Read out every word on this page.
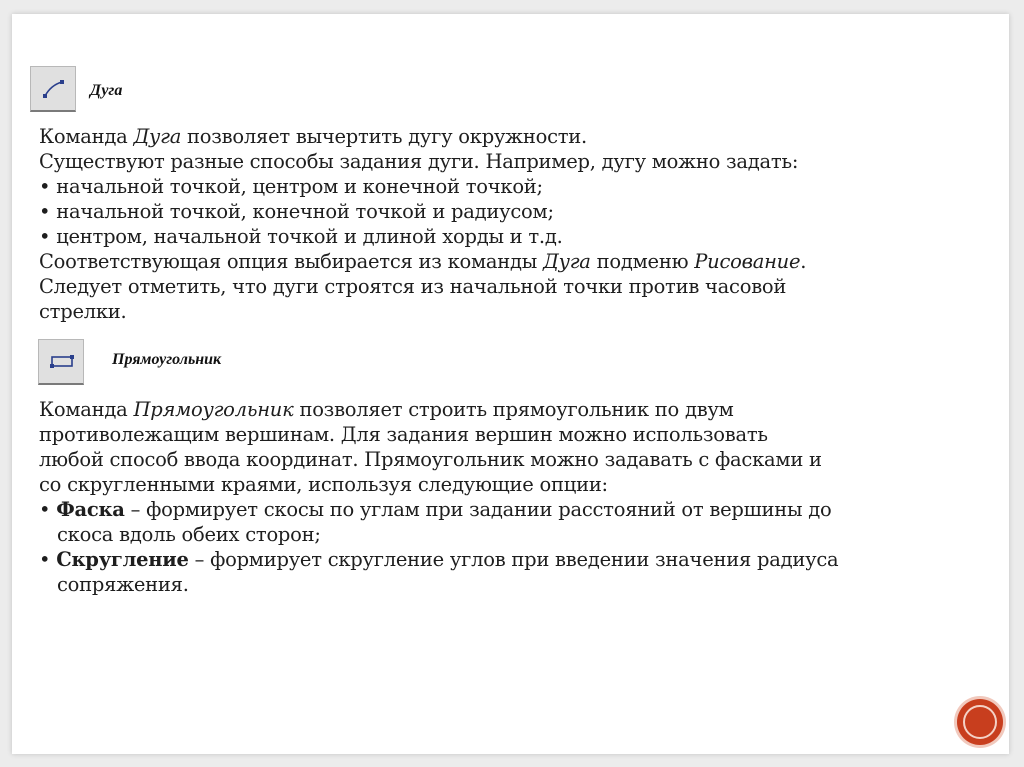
Дуга
Команда Дуга позволяет вычертить дугу окружности.
Существуют разные способы задания дуги. Например, дугу можно задать:
• начальной точкой, центром и конечной точкой;
• начальной точкой, конечной точкой и радиусом;
• центром, начальной точкой и длиной хорды и т.д.
Соответствующая опция выбирается из команды Дуга подменю Рисование.
Следует отметить, что дуги строятся из начальной точки против часовой
стрелки.
Прямоугольник
Команда Прямоугольник позволяет строить прямоугольник по двум
противолежащим вершинам. Для задания вершин можно использовать
любой способ ввода координат. Прямоугольник можно задавать с фасками и
со скругленными краями, используя следующие опции:
• Фаска – формирует скосы по углам при задании расстояний от вершины до
скоса вдоль обеих сторон;
• Скругление – формирует скругление углов при введении значения радиуса
сопряжения.
